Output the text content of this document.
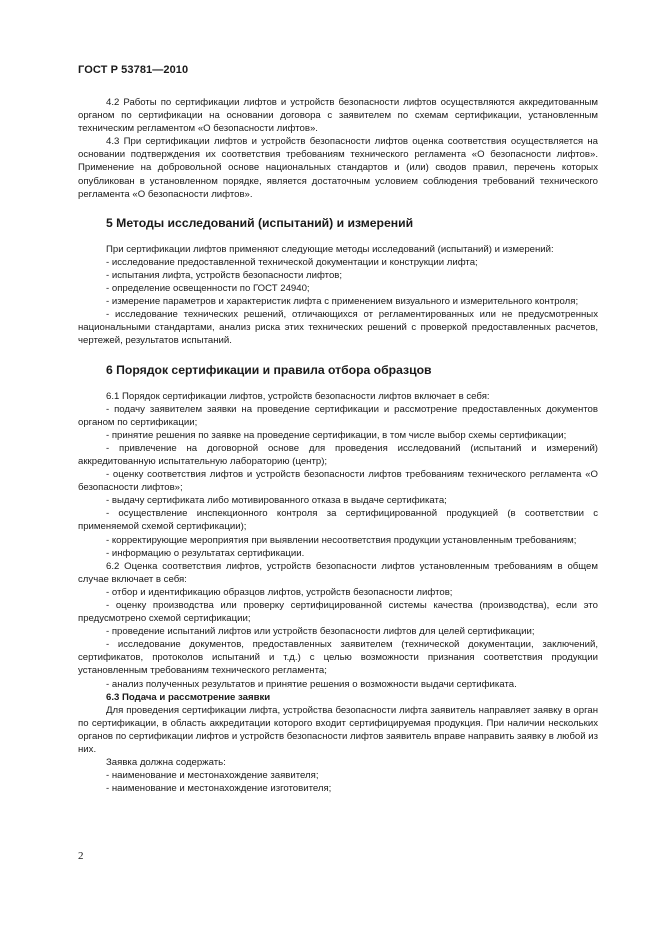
ГОСТ Р 53781—2010

4.2 Работы по сертификации лифтов и устройств безопасности лифтов осуществляются аккредитованным органом по сертификации на основании договора с заявителем по схемам сертификации, установленным техническим регламентом «О безопасности лифтов».

4.3 При сертификации лифтов и устройств безопасности лифтов оценка соответствия осуществляется на основании подтверждения их соответствия требованиям технического регламента «О безопасности лифтов». Применение на добровольной основе национальных стандартов и (или) сводов правил, перечень которых опубликован в установленном порядке, является достаточным условием соблюдения требований технического регламента «О безопасности лифтов».

5 Методы исследований (испытаний) и измерений

При сертификации лифтов применяют следующие методы исследований (испытаний) и измерений:

- исследование предоставленной технической документации и конструкции лифта;

- испытания лифта, устройств безопасности лифтов;

- определение освещенности по ГОСТ 24940;

- измерение параметров и характеристик лифта с применением визуального и измерительного контроля;

- исследование технических решений, отличающихся от регламентированных или не предусмотренных национальными стандартами, анализ риска этих технических решений с проверкой предоставленных расчетов, чертежей, результатов испытаний.

6 Порядок сертификации и правила отбора образцов

6.1 Порядок сертификации лифтов, устройств безопасности лифтов включает в себя:

- подачу заявителем заявки на проведение сертификации и рассмотрение предоставленных документов органом по сертификации;

- принятие решения по заявке на проведение сертификации, в том числе выбор схемы сертификации;

- привлечение на договорной основе для проведения исследований (испытаний и измерений) аккредитованную испытательную лабораторию (центр);

- оценку соответствия лифтов и устройств безопасности лифтов требованиям технического регламента «О безопасности лифтов»;

- выдачу сертификата либо мотивированного отказа в выдаче сертификата;

- осуществление инспекционного контроля за сертифицированной продукцией (в соответствии с применяемой схемой сертификации);

- корректирующие мероприятия при выявлении несоответствия продукции установленным требованиям;

- информацию о результатах сертификации.

6.2 Оценка соответствия лифтов, устройств безопасности лифтов установленным требованиям в общем случае включает в себя:

- отбор и идентификацию образцов лифтов, устройств безопасности лифтов;

- оценку производства или проверку сертифицированной системы качества (производства), если это предусмотрено схемой сертификации;

- проведение испытаний лифтов или устройств безопасности лифтов для целей сертификации;

- исследование документов, предоставленных заявителем (технической документации, заключений, сертификатов, протоколов испытаний и т.д.) с целью возможности признания соответствия продукции установленным требованиям технического регламента;

- анализ полученных результатов и принятие решения о возможности выдачи сертификата.

6.3 Подача и рассмотрение заявки

Для проведения сертификации лифта, устройства безопасности лифта заявитель направляет заявку в орган по сертификации, в область аккредитации которого входит сертифицируемая продукция. При наличии нескольких органов по сертификации лифтов и устройств безопасности лифтов заявитель вправе направить заявку в любой из них.

Заявка должна содержать:

- наименование и местонахождение заявителя;

- наименование и местонахождение изготовителя;

2
